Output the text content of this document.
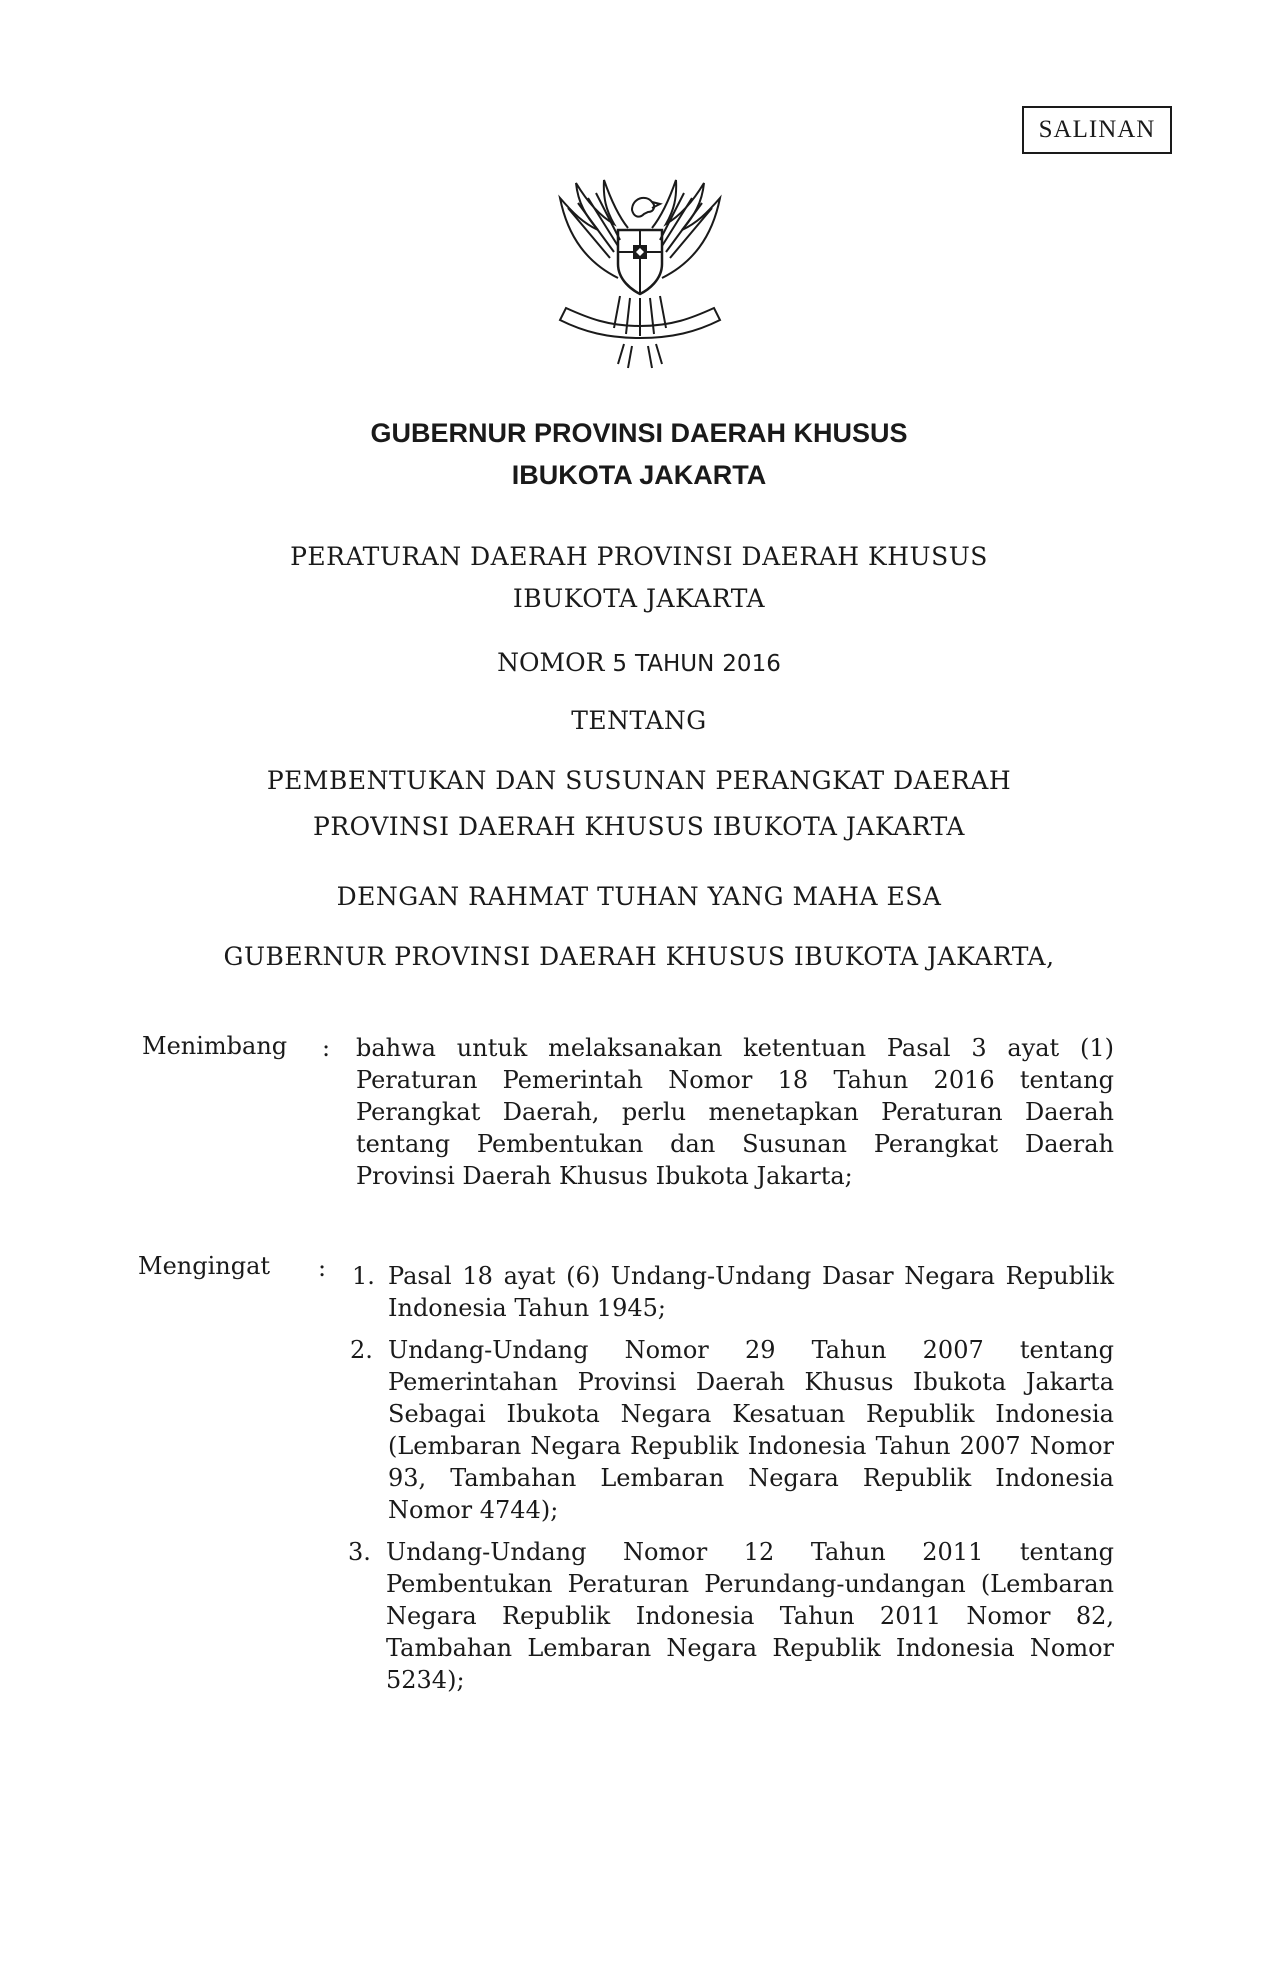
SALINAN
GUBERNUR PROVINSI DAERAH KHUSUS
IBUKOTA JAKARTA
PERATURAN DAERAH PROVINSI DAERAH KHUSUS
IBUKOTA JAKARTA
NOMOR 5 TAHUN 2016
TENTANG
PEMBENTUKAN DAN SUSUNAN PERANGKAT DAERAH
PROVINSI DAERAH KHUSUS IBUKOTA JAKARTA
DENGAN RAHMAT TUHAN YANG MAHA ESA
GUBERNUR PROVINSI DAERAH KHUSUS IBUKOTA JAKARTA,
Menimbang : bahwa untuk melaksanakan ketentuan Pasal 3 ayat (1) Peraturan Pemerintah Nomor 18 Tahun 2016 tentang Perangkat Daerah, perlu menetapkan Peraturan Daerah tentang Pembentukan dan Susunan Perangkat Daerah Provinsi Daerah Khusus Ibukota Jakarta;
Mengingat : 1. Pasal 18 ayat (6) Undang-Undang Dasar Negara Republik Indonesia Tahun 1945;
2. Undang-Undang Nomor 29 Tahun 2007 tentang Pemerintahan Provinsi Daerah Khusus Ibukota Jakarta Sebagai Ibukota Negara Kesatuan Republik Indonesia (Lembaran Negara Republik Indonesia Tahun 2007 Nomor 93, Tambahan Lembaran Negara Republik Indonesia Nomor 4744);
3. Undang-Undang Nomor 12 Tahun 2011 tentang Pembentukan Peraturan Perundang-undangan (Lembaran Negara Republik Indonesia Tahun 2011 Nomor 82, Tambahan Lembaran Negara Republik Indonesia Nomor 5234);
